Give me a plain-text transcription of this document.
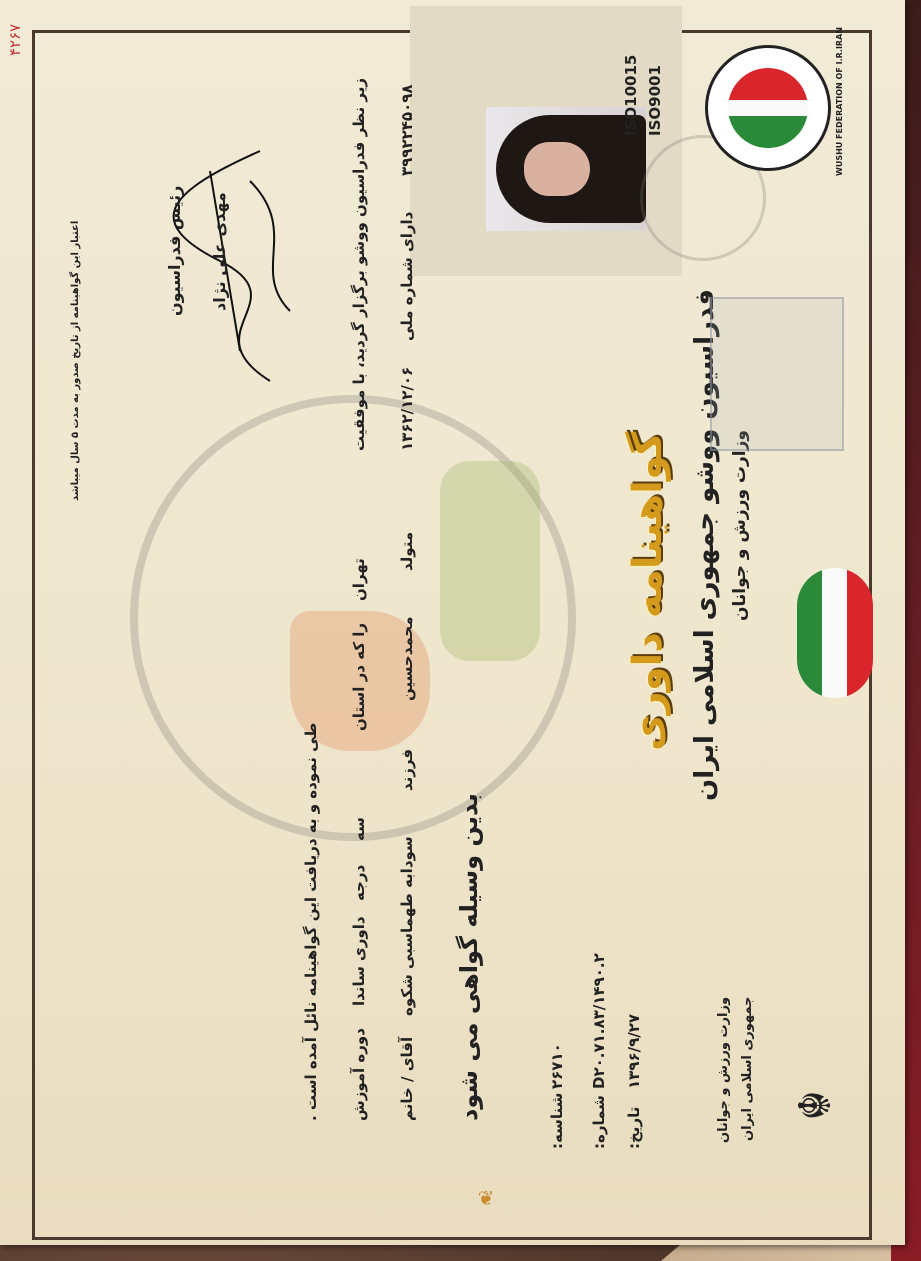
❦
۴۲۶۷
☬
جمهوری اسلامی ایران
وزارت ورزش و جوانان
تاریخ:
۱۳۹۶/۹/۲۷
شماره:
D۲۰.۷۱.۸۳/۱۴۹۰.۲
شناسه:
۲۶۷۱۰
وزارت ورزش و جوانان
فدراسیون ووشو جمهوری اسلامی ایران
گواهینامه داوری
WUSHU FEDERATION OF I.R.IRAN
ISO9001
ISO10015
بدین وسیله گواهی می شود
آقای / خانم
سودابه طهماسبی شکوه
فرزند
محمدحسین
متولد
۱۳۶۲/۱۲/۰۶
دارای شماره ملی
۳۹۹۲۲۴۵۰۹۸
دوره آموزش
داوری ساندا
درجه
سه
را که در استان
تهران
زیر نظر فدراسیون ووشو برگزار گردید، با موفقیت
طی نموده و به دریافت این گواهینامه نائل آمده است .
مهدی علی نژاد
رئیس فدراسیون
اعتبار این گواهینامه از تاریخ صدور به مدت ۵ سال میباشد
